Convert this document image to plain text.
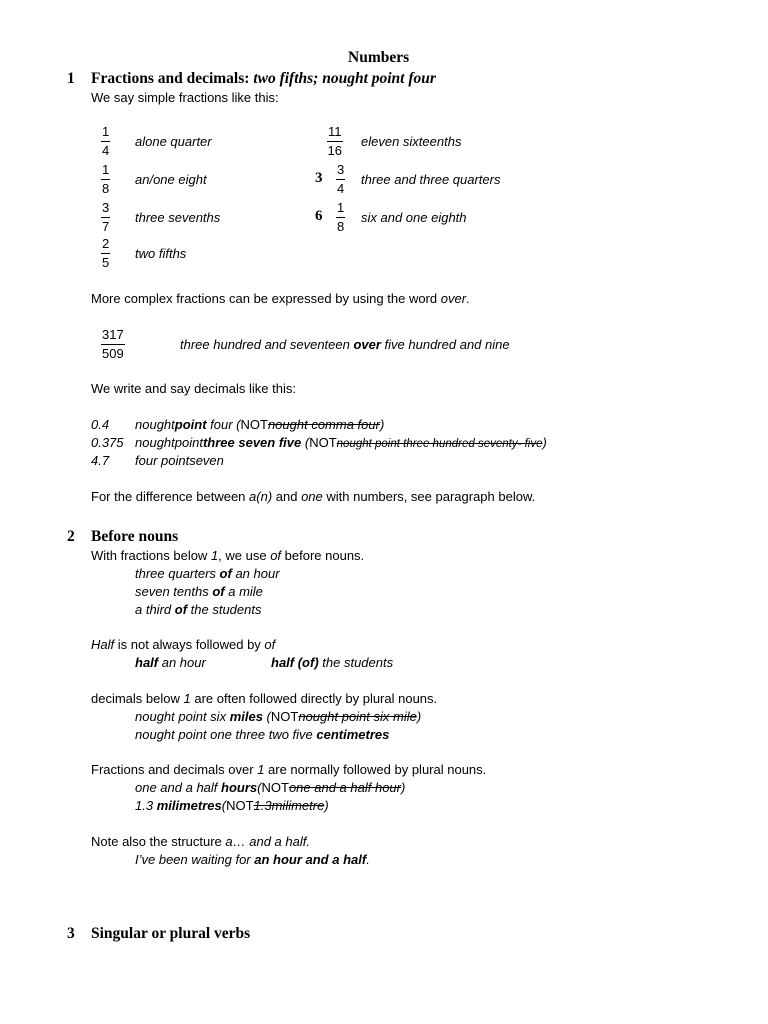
Numbers
1 Fractions and decimals: two fifths; nought point four
We say simple fractions like this:
1
4
alone quarter
1
8
an/one eight
3
7
three sevenths
2
5
two fifths
11
16
eleven sixteenths
3
3
4
three and three quarters
6
1
8
six and one eighth
More complex fractions can be expressed by using the word over.
317
509
three hundred and seventeen over five hundred and nine
We write and say decimals like this:
0.4 noughtpoint four (NOTnought comma four)
0.375 noughtpointthree seven five (NOTnought point three hundred seventy- five)
4.7 four pointseven
For the difference between a(n) and one with numbers, see paragraph below.
2 Before nouns
With fractions below 1, we use of before nouns.
three quarters of an hour
seven tenths of a mile
a third of the students
Half is not always followed by of
half an hour	half (of) the students
decimals below 1 are often followed directly by plural nouns.
nought point six miles (NOTnought point six mile)
nought point one three two five centimetres
Fractions and decimals over 1 are normally followed by plural nouns.
one and a half hours(NOTone and a half hour)
1.3 milimetres(NOT1.3milimetre)
Note also the structure a… and a half.
I’ve been waiting for an hour and a half.
3 Singular or plural verbs
